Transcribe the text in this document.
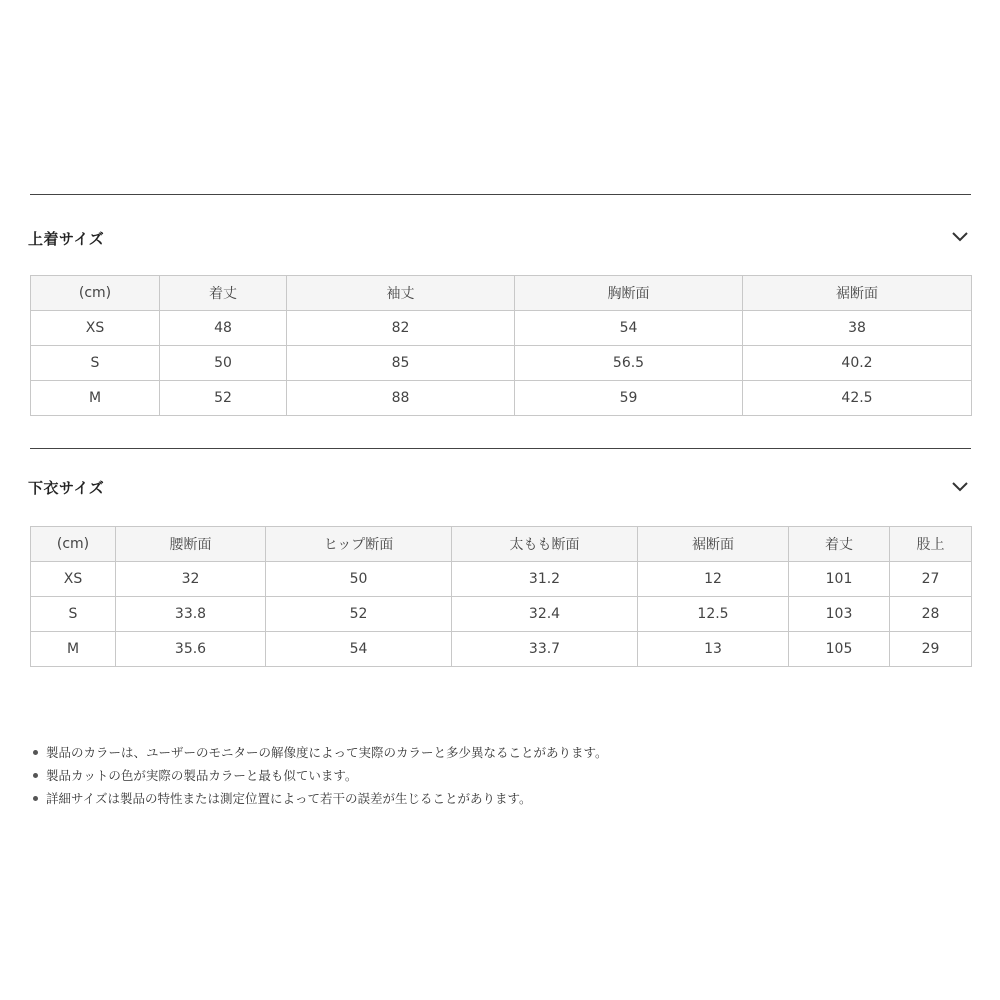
上着サイズ
(cm)	着丈	袖丈	胸断面	裾断面
XS	48	82	54	38
S	50	85	56.5	40.2
M	52	88	59	42.5
下衣サイズ
(cm)	腰断面	ヒップ断面	太もも断面	裾断面	着丈	股上
XS	32	50	31.2	12	101	27
S	33.8	52	32.4	12.5	103	28
M	35.6	54	33.7	13	105	29
製品のカラーは、ユーザーのモニターの解像度によって実際のカラーと多少異なることがあります。
製品カットの色が実際の製品カラーと最も似ています。
詳細サイズは製品の特性または測定位置によって若干の誤差が生じることがあります。
